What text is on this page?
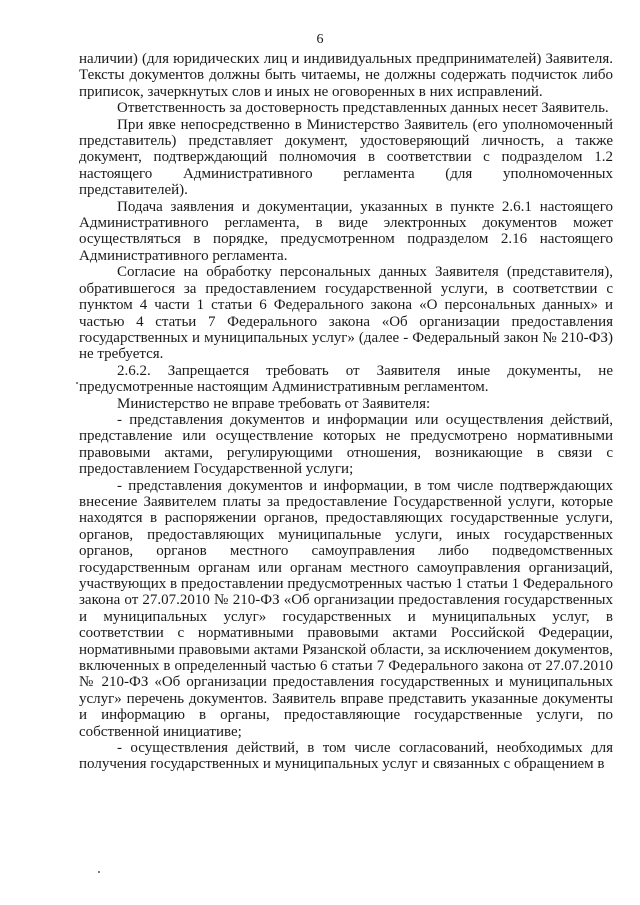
6

наличии) (для юридических лиц и индивидуальных предпринимателей) Заявителя. Тексты документов должны быть читаемы, не должны содержать подчисток либо приписок, зачеркнутых слов и иных не оговоренных в них исправлений.

Ответственность за достоверность представленных данных несет Заявитель.

При явке непосредственно в Министерство Заявитель (его уполномоченный представитель) представляет документ, удостоверяющий личность, а также документ, подтверждающий полномочия в соответствии с подразделом 1.2 настоящего Административного регламента (для уполномоченных представителей).

Подача заявления и документации, указанных в пункте 2.6.1 настоящего Административного регламента, в виде электронных документов может осуществляться в порядке, предусмотренном подразделом 2.16 настоящего Административного регламента.

Согласие на обработку персональных данных Заявителя (представителя), обратившегося за предоставлением государственной услуги, в соответствии с пунктом 4 части 1 статьи 6 Федерального закона «О персональных данных» и частью 4 статьи 7 Федерального закона «Об организации предоставления государственных и муниципальных услуг» (далее - Федеральный закон № 210-ФЗ) не требуется.

2.6.2. Запрещается требовать от Заявителя иные документы, не предусмотренные настоящим Административным регламентом.

Министерство не вправе требовать от Заявителя:

- представления документов и информации или осуществления действий, представление или осуществление которых не предусмотрено нормативными правовыми актами, регулирующими отношения, возникающие в связи с предоставлением Государственной услуги;

- представления документов и информации, в том числе подтверждающих внесение Заявителем платы за предоставление Государственной услуги, которые находятся в распоряжении органов, предоставляющих государственные услуги, органов, предоставляющих муниципальные услуги, иных государственных органов, органов местного самоуправления либо подведомственных государственным органам или органам местного самоуправления организаций, участвующих в предоставлении предусмотренных частью 1 статьи 1 Федерального закона от 27.07.2010 № 210-ФЗ «Об организации предоставления государственных и муниципальных услуг» государственных и муниципальных услуг, в соответствии с нормативными правовыми актами Российской Федерации, нормативными правовыми актами Рязанской области, за исключением документов, включенных в определенный частью 6 статьи 7 Федерального закона от 27.07.2010 № 210-ФЗ «Об организации предоставления государственных и муниципальных услуг» перечень документов. Заявитель вправе представить указанные документы и информацию в органы, предоставляющие государственные услуги, по собственной инициативе;

- осуществления действий, в том числе согласований, необходимых для получения государственных и муниципальных услуг и связанных с обращением в
